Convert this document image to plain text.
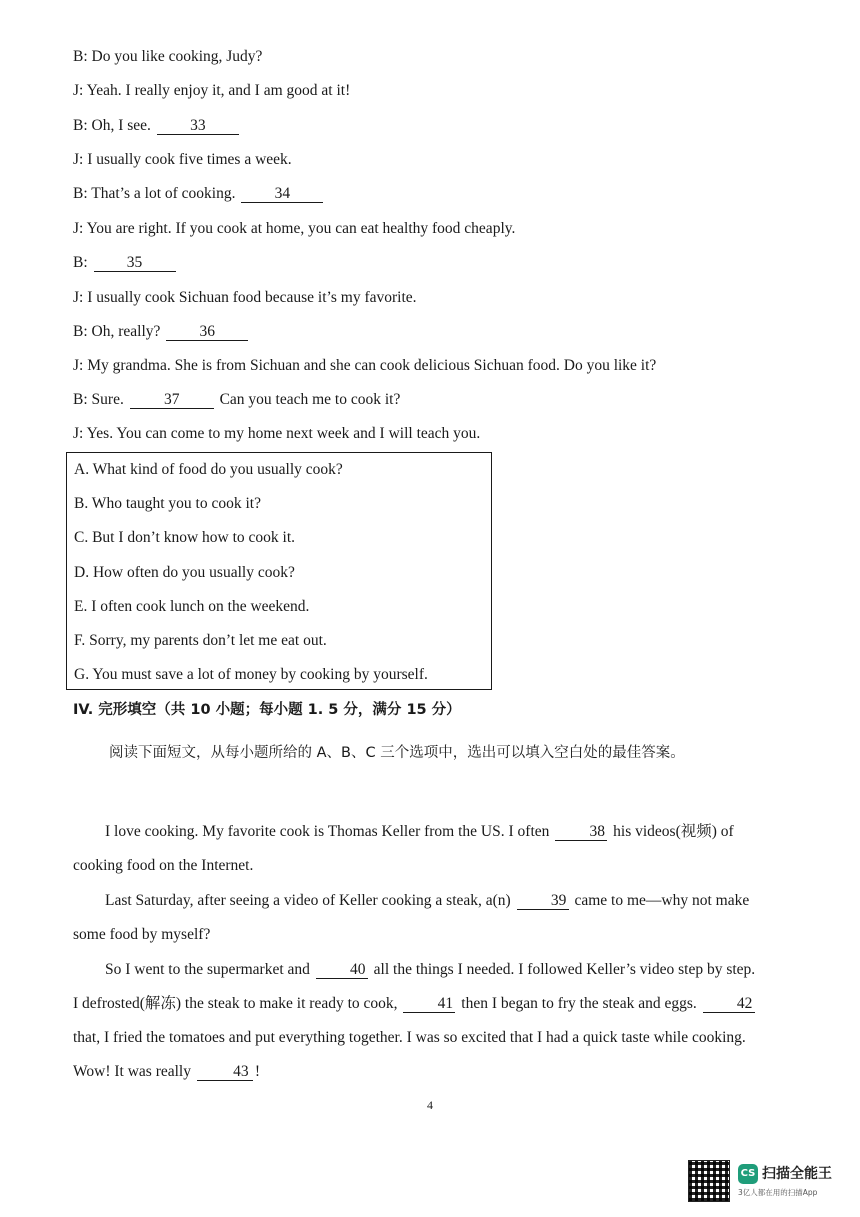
B: Do you like cooking, Judy?
J: Yeah. I really enjoy it, and I am good at it!
B: Oh, I see.	33
J: I usually cook five times a week.
B: That’s a lot of cooking.	34
J: You are right. If you cook at home, you can eat healthy food cheaply.
B:	35
J: I usually cook Sichuan food because it’s my favorite.
B: Oh, really?	36
J: My grandma. She is from Sichuan and she can cook delicious Sichuan food. Do you like it?
B: Sure.	37	Can you teach me to cook it?
J: Yes. You can come to my home next week and I will teach you.
A. What kind of food do you usually cook?
B. Who taught you to cook it?
C. But I don’t know how to cook it.
D. How often do you usually cook?
E. I often cook lunch on the weekend.
F. Sorry, my parents don’t let me eat out.
G. You must save a lot of money by cooking by yourself.
IV. 完形填空（共 10 小题；每小题 1. 5 分，满分 15 分）
阅读下面短文，从每小题所给的 A、B、C 三个选项中，选出可以填入空白处的最佳答案。
I love cooking. My favorite cook is Thomas Keller from the US. I often	38 his videos(视频) of cooking food on the Internet.
Last Saturday, after seeing a video of Keller cooking a steak, a(n)	39 came to me—why not make some food by myself?
So I went to the supermarket and	40 all the things I needed. I followed Keller’s video step by step. I defrosted(解冻) the steak to make it ready to cook,	41 then I began to fry the steak and eggs.	42 that, I fried the tomatoes and put everything together. I was so excited that I had a quick taste while cooking. Wow! It was really	43 !
4
CS 扫描全能王
3亿人都在用的扫描App
